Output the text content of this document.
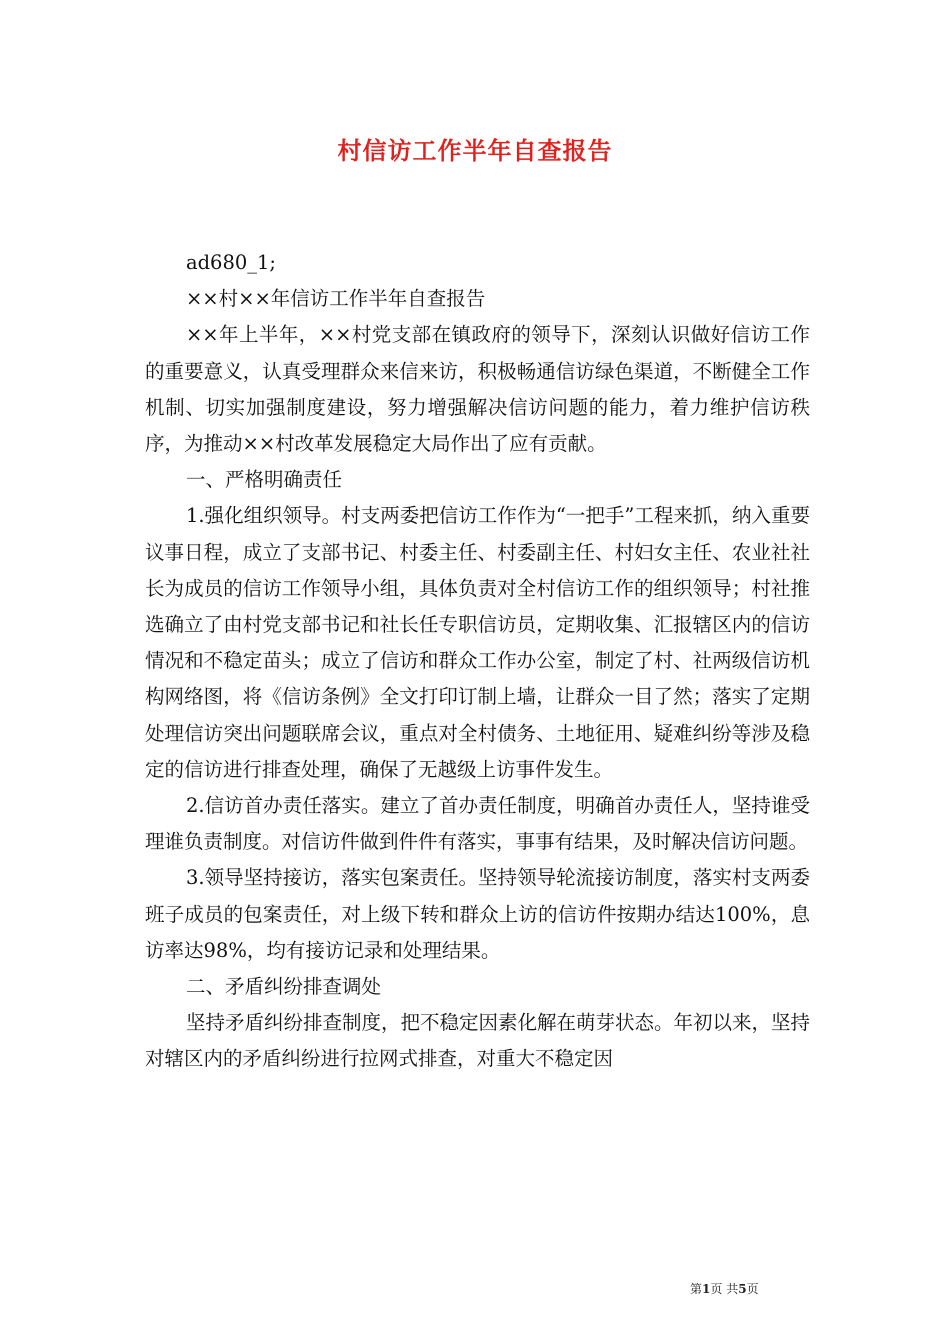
村信访工作半年自查报告

ad680_1;

××村××年信访工作半年自查报告

××年上半年，××村党支部在镇政府的领导下，深刻认识做好信访工作的重要意义，认真受理群众来信来访，积极畅通信访绿色渠道，不断健全工作机制、切实加强制度建设，努力增强解决信访问题的能力，着力维护信访秩序，为推动××村改革发展稳定大局作出了应有贡献。

一、严格明确责任

1.强化组织领导。村支两委把信访工作作为“一把手”工程来抓，纳入重要议事日程，成立了支部书记、村委主任、村委副主任、村妇女主任、农业社社长为成员的信访工作领导小组，具体负责对全村信访工作的组织领导；村社推选确立了由村党支部书记和社长任专职信访员，定期收集、汇报辖区内的信访情况和不稳定苗头；成立了信访和群众工作办公室，制定了村、社两级信访机构网络图，将《信访条例》全文打印订制上墙，让群众一目了然；落实了定期处理信访突出问题联席会议，重点对全村债务、土地征用、疑难纠纷等涉及稳定的信访进行排查处理，确保了无越级上访事件发生。

2.信访首办责任落实。建立了首办责任制度，明确首办责任人，坚持谁受理谁负责制度。对信访件做到件件有落实，事事有结果，及时解决信访问题。

3.领导坚持接访，落实包案责任。坚持领导轮流接访制度，落实村支两委班子成员的包案责任，对上级下转和群众上访的信访件按期办结达100%，息访率达98%，均有接访记录和处理结果。

二、矛盾纠纷排查调处

坚持矛盾纠纷排查制度，把不稳定因素化解在萌芽状态。年初以来，坚持对辖区内的矛盾纠纷进行拉网式排查，对重大不稳定因

第1页 共5页
